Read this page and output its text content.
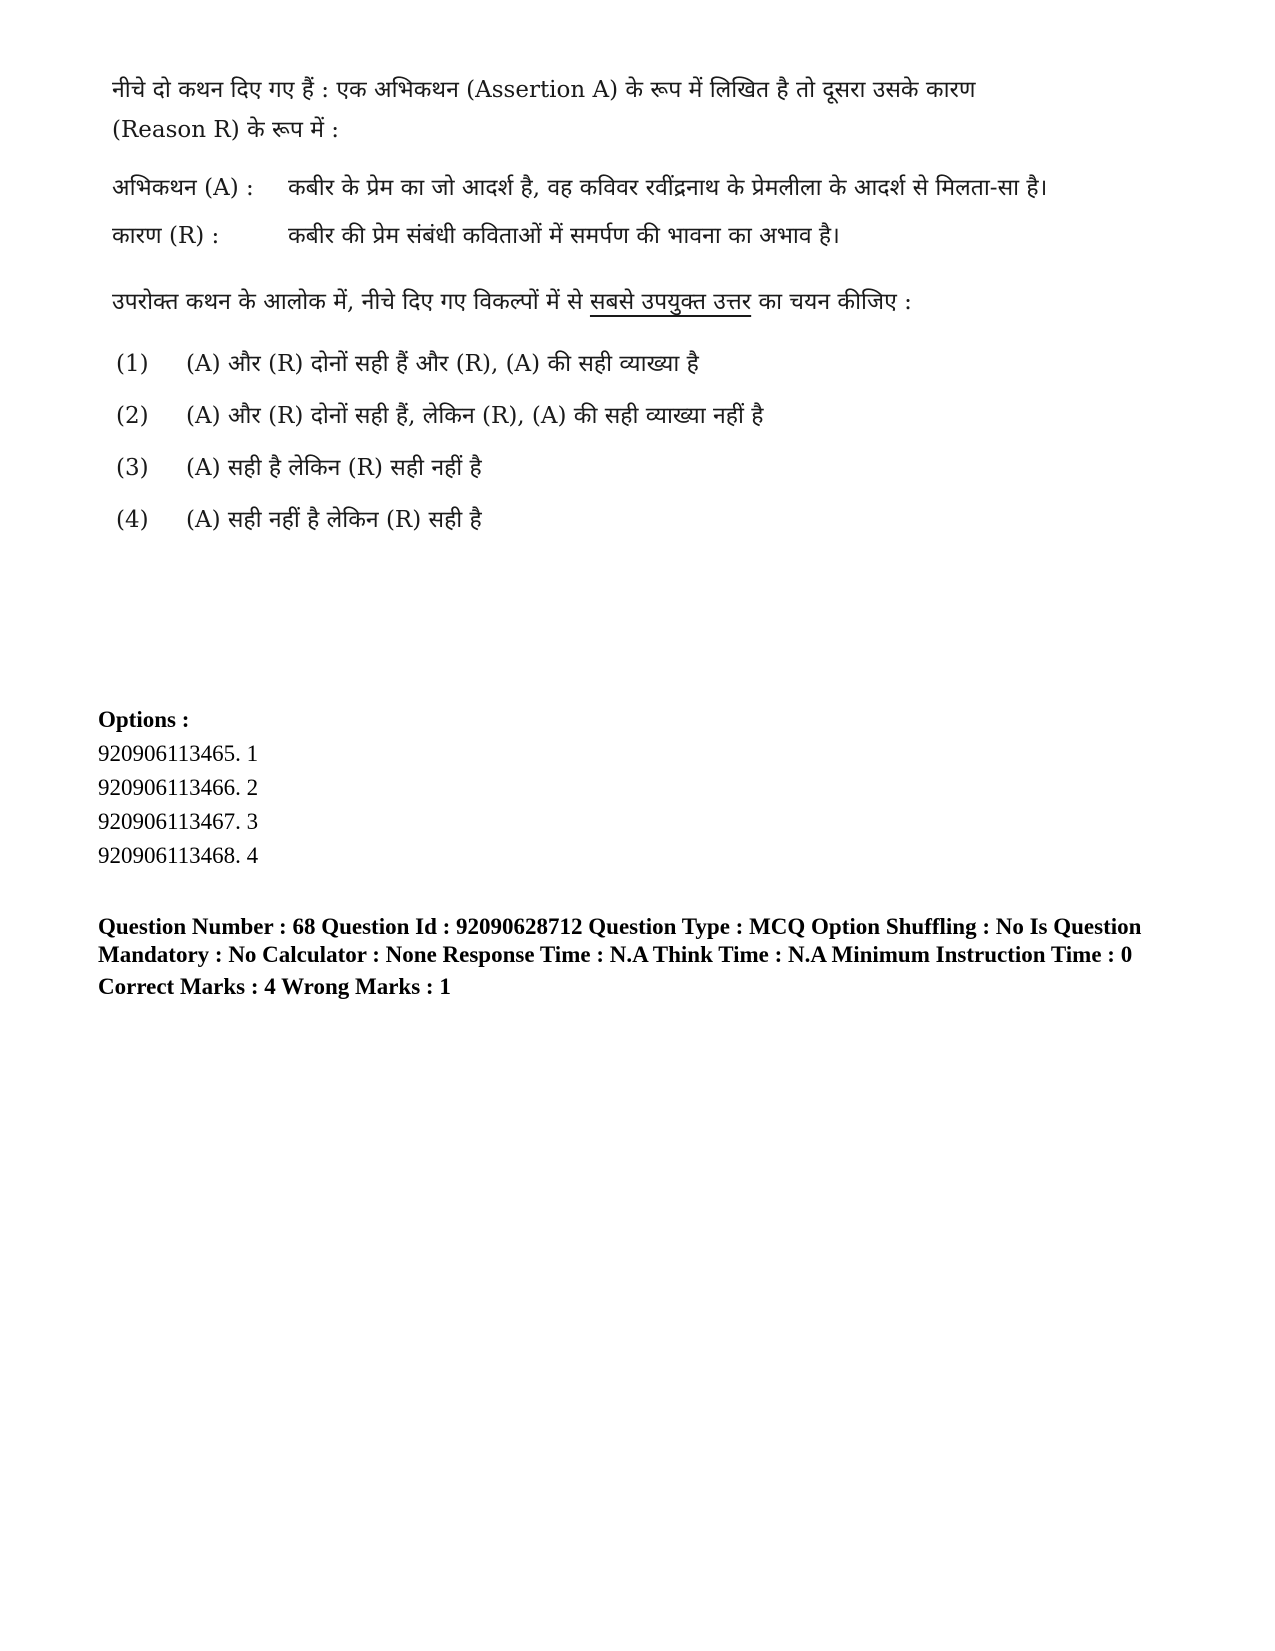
नीचे दो कथन दिए गए हैं : एक अभिकथन (Assertion A) के रूप में लिखित है तो दूसरा उसके कारण (Reason R) के रूप में :

अभिकथन (A) :	कबीर के प्रेम का जो आदर्श है, वह कविवर रवींद्रनाथ के प्रेमलीला के आदर्श से मिलता-सा है।
कारण (R) :	कबीर की प्रेम संबंधी कविताओं में समर्पण की भावना का अभाव है।
उपरोक्त कथन के आलोक में, नीचे दिए गए विकल्पों में से सबसे उपयुक्त उत्तर का चयन कीजिए :
(1)	(A) और (R) दोनों सही हैं और (R), (A) की सही व्याख्या है
(2)	(A) और (R) दोनों सही हैं, लेकिन (R), (A) की सही व्याख्या नहीं है
(3)	(A) सही है लेकिन (R) सही नहीं है
(4)	(A) सही नहीं है लेकिन (R) सही है
Options :
920906113465. 1
920906113466. 2
920906113467. 3
920906113468. 4
Question Number : 68 Question Id : 92090628712 Question Type : MCQ Option Shuffling : No Is Question Mandatory : No Calculator : None Response Time : N.A Think Time : N.A Minimum Instruction Time : 0
Correct Marks : 4 Wrong Marks : 1
